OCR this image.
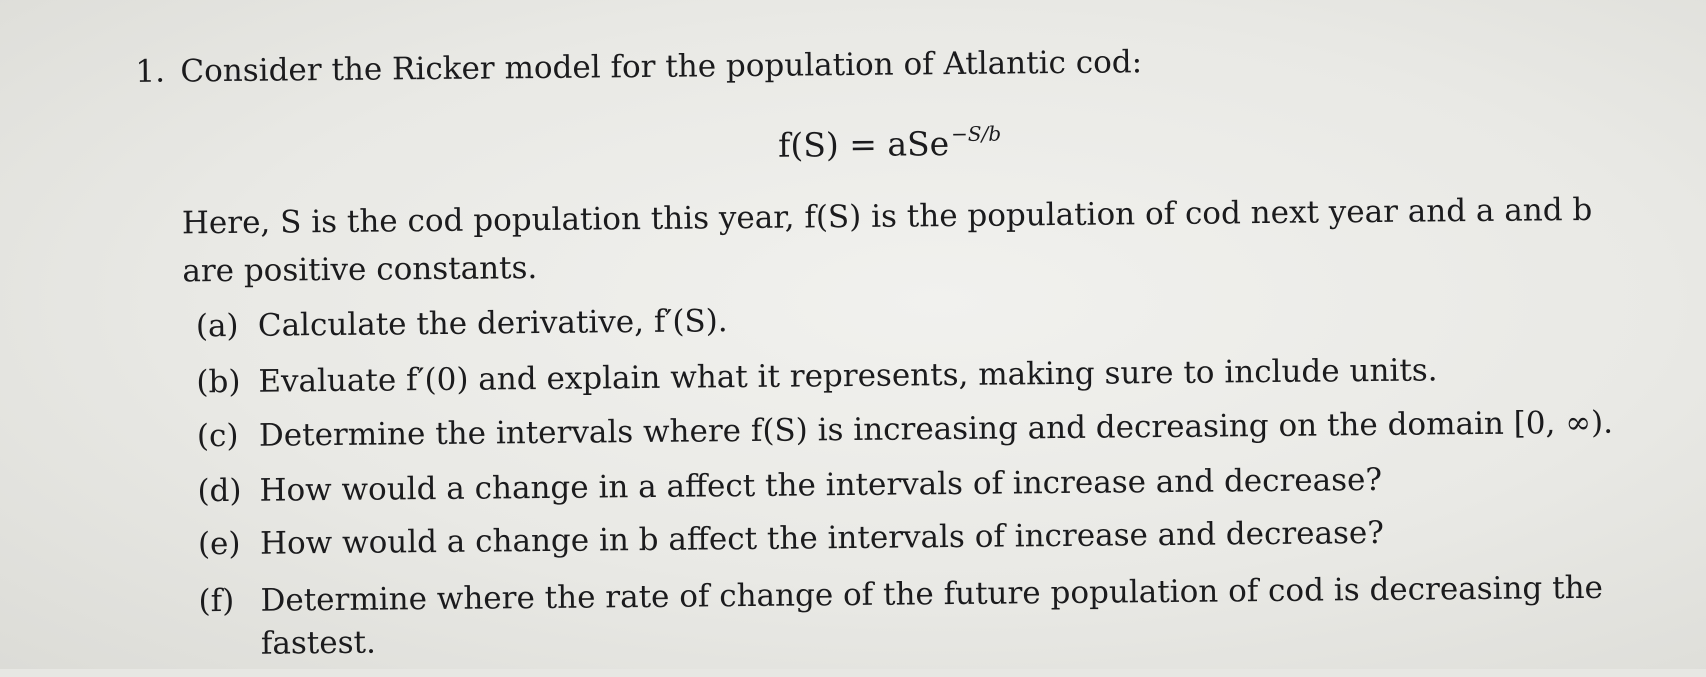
1. Consider the Ricker model for the population of Atlantic cod:
f(S) = aSe$^{-S/b}$
Here, S is the cod population this year, f(S) is the population of cod next year and a and b
are positive constants.
(a) Calculate the derivative, f′(S).
(b) Evaluate f′(0) and explain what it represents, making sure to include units.
(c) Determine the intervals where f(S) is increasing and decreasing on the domain [0, ∞).
(d) How would a change in a affect the intervals of increase and decrease?
(e) How would a change in b affect the intervals of increase and decrease?
(f) Determine where the rate of change of the future population of cod is decreasing the
fastest.
